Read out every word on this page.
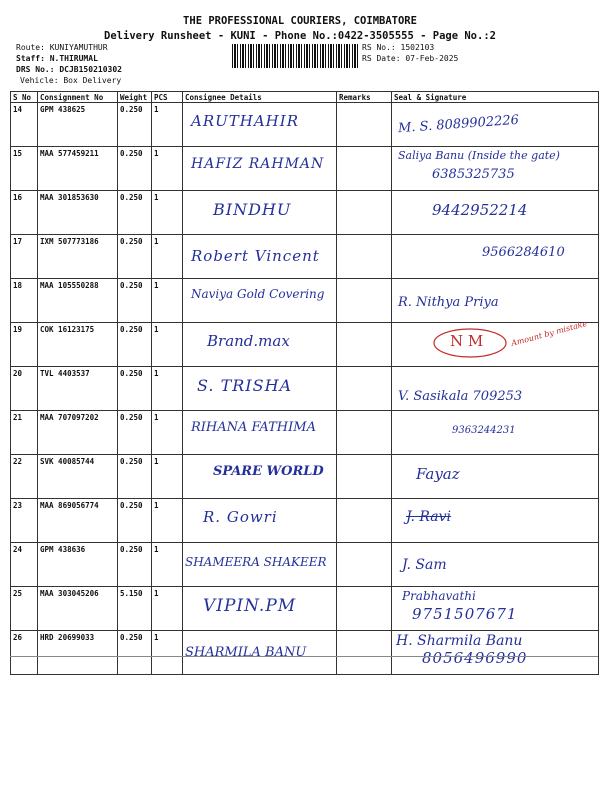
THE PROFESSIONAL COURIERS, COIMBATORE
Delivery Runsheet - KUNI - Phone No.:0422-3505555 - Page No.:2
Route: KUNIYAMUTHUR
Staff: N.THIRUMAL
DRS No.: DCJB150210302
Vehicle: Box Delivery
RS No.: 1502103
RS Date: 07-Feb-2025
S No	Consignment No	Weight	PCS	Consignee Details	Remarks	Seal & Signature
14	GPM 438625	0.250	1	ARUTHAHIR		M. S. 8089902226

15	MAA 577459211	0.250	1	HAFIZ RAHMAN		Saliya Banu (Inside the gate)
6385325735

16	MAA 301853630	0.250	1	BINDHU		9442952214

17	IXM 507773186	0.250	1	Robert Vincent		9566284610

18	MAA 105550288	0.250	1	Naviya Gold Covering		R. Nithya Priya

19	COK 16123175	0.250	1	Brand.max		N M Amount by mistake

20	TVL 4403537	0.250	1	S. TRISHA		V. Sasikala 709253

21	MAA 707097202	0.250	1	RIHANA FATHIMA		9363244231

22	SVK 40085744	0.250	1	SPARE WORLD		Fayaz

23	MAA 869056774	0.250	1	R. Gowri		J. Ravi

24	GPM 438636	0.250	1	SHAMEERA SHAKEER		J. Sam

25	MAA 303045206	5.150	1	VIPIN.PM		Prabhavathi
9751507671

26	HRD 20699033	0.250	1	SHARMILA BANU		H. Sharmila Banu
8056496990
